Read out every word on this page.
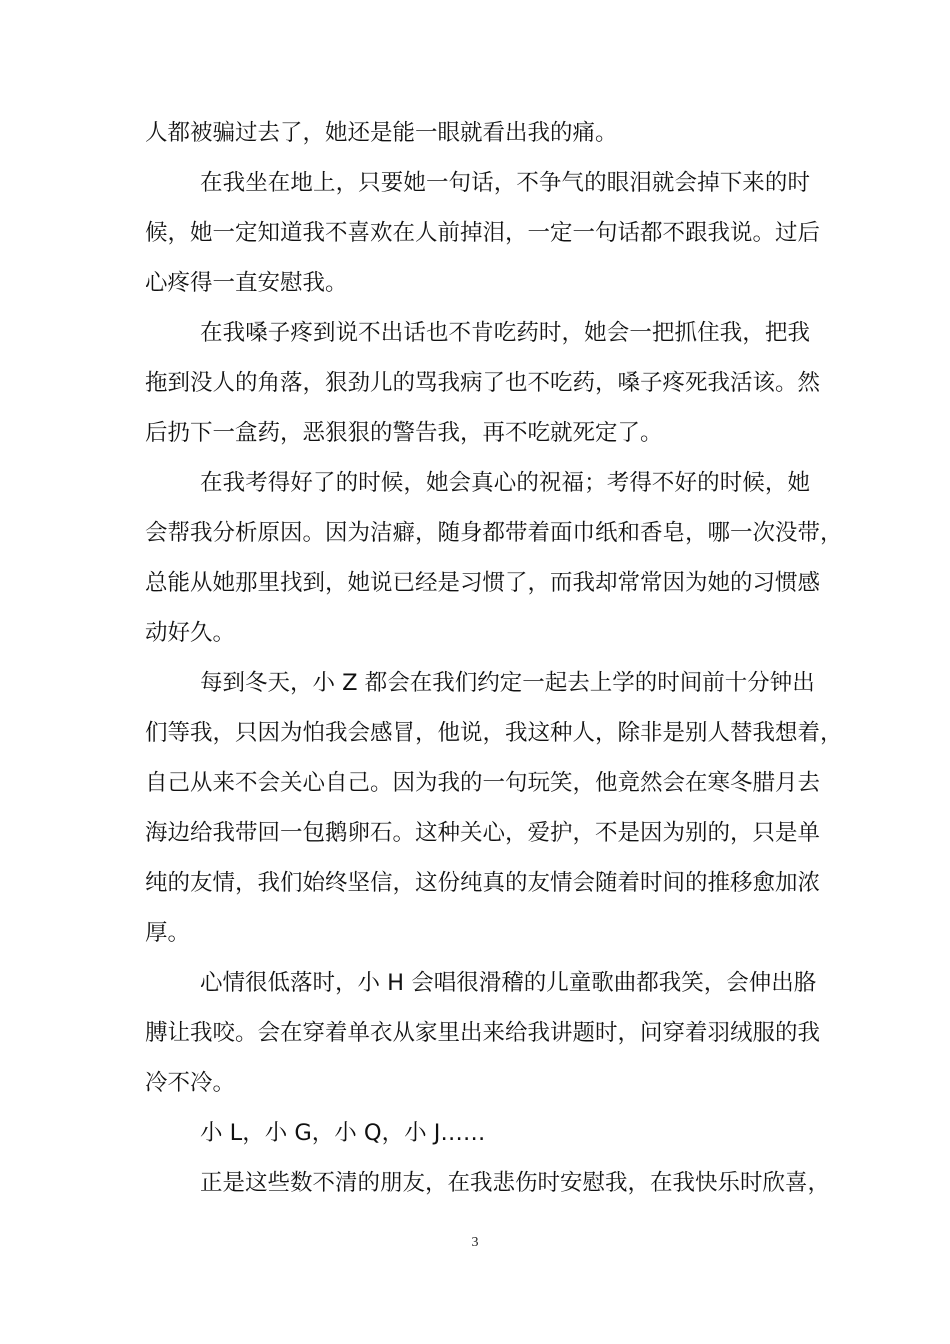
人都被骗过去了，她还是能一眼就看出我的痛。
在我坐在地上，只要她一句话，不争气的眼泪就会掉下来的时
候，她一定知道我不喜欢在人前掉泪，一定一句话都不跟我说。过后
心疼得一直安慰我。
在我嗓子疼到说不出话也不肯吃药时，她会一把抓住我，把我
拖到没人的角落，狠劲儿的骂我病了也不吃药，嗓子疼死我活该。然
后扔下一盒药，恶狠狠的警告我，再不吃就死定了。
在我考得好了的时候，她会真心的祝福；考得不好的时候，她
会帮我分析原因。因为洁癖，随身都带着面巾纸和香皂，哪一次没带，
总能从她那里找到，她说已经是习惯了，而我却常常因为她的习惯感
动好久。
每到冬天，小 Z 都会在我们约定一起去上学的时间前十分钟出
们等我，只因为怕我会感冒，他说，我这种人，除非是别人替我想着，
自己从来不会关心自己。因为我的一句玩笑，他竟然会在寒冬腊月去
海边给我带回一包鹅卵石。这种关心，爱护，不是因为别的，只是单
纯的友情，我们始终坚信，这份纯真的友情会随着时间的推移愈加浓
厚。
心情很低落时，小 H 会唱很滑稽的儿童歌曲都我笑，会伸出胳
膊让我咬。会在穿着单衣从家里出来给我讲题时，问穿着羽绒服的我
冷不冷。
小 L，小 G，小 Q，小 J……
正是这些数不清的朋友，在我悲伤时安慰我，在我快乐时欣喜，
3
